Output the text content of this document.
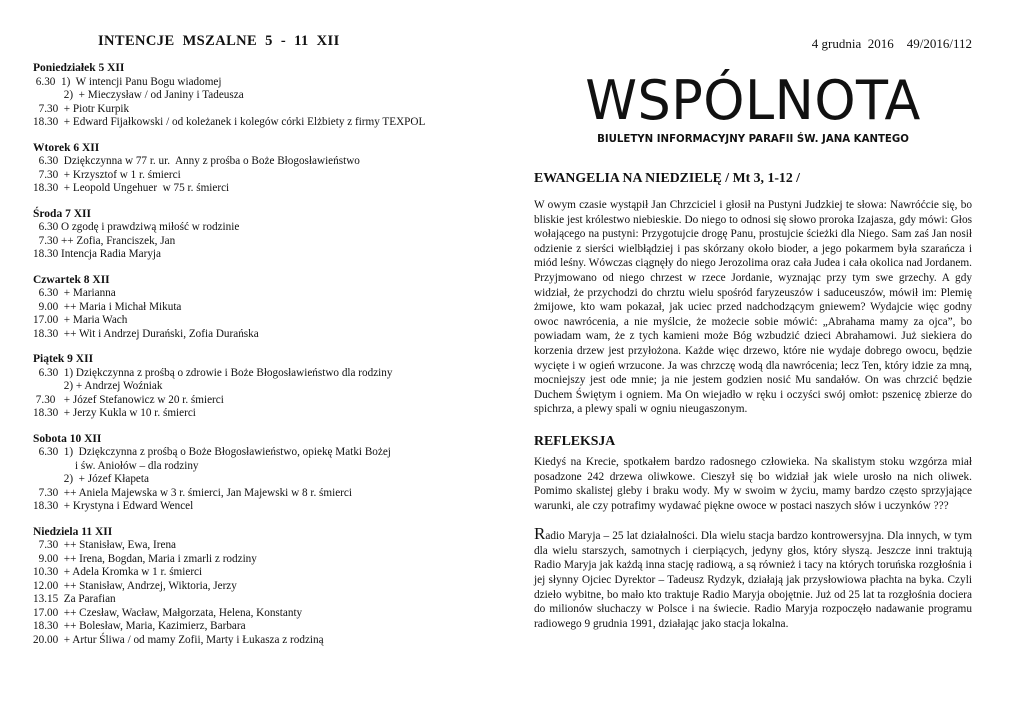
INTENCJE  MSZALNE  5  -  11  XII
Poniedziałek 5 XII
6.30  1)  W intencji Panu Bogu wiadomej
2)  + Mieczysław / od Janiny i Tadeusza
7.30  + Piotr Kurpik
18.30  + Edward Fijałkowski / od koleżanek i kolegów córki Elżbiety z firmy TEXPOL
Wtorek 6 XII
6.30  Dziękczynna w 77 r. ur.  Anny z prośba o Boże Błogosławieństwo
7.30  + Krzysztof w 1 r. śmierci
18.30  + Leopold Ungehuer  w 75 r. śmierci
Środa 7 XII
6.30 O zgodę i prawdziwą miłość w rodzinie
7.30 ++ Zofia, Franciszek, Jan
18.30 Intencja Radia Maryja
Czwartek 8 XII
6.30  + Marianna
9.00  ++ Maria i Michał Mikuta
17.00  + Maria Wach
18.30  ++ Wit i Andrzej Durański, Zofia Durańska
Piątek 9 XII
6.30  1) Dziękczynna z prośbą o zdrowie i Boże Błogosławieństwo dla rodziny
2) + Andrzej Woźniak
7.30   + Józef Stefanowicz w 20 r. śmierci
18.30  + Jerzy Kukla w 10 r. śmierci
Sobota 10 XII
6.30  1)  Dziękczynna z prośbą o Boże Błogosławieństwo, opiekę Matki Bożej
i św. Aniołów – dla rodziny
2)  + Józef Kłapeta
7.30  ++ Aniela Majewska w 3 r. śmierci, Jan Majewski w 8 r. śmierci
18.30  + Krystyna i Edward Wencel
Niedziela 11 XII
7.30  ++ Stanisław, Ewa, Irena
9.00  ++ Irena, Bogdan, Maria i zmarli z rodziny
10.30  + Adela Kromka w 1 r. śmierci
12.00  ++ Stanisław, Andrzej, Wiktoria, Jerzy
13.15  Za Parafian
17.00  ++ Czesław, Wacław, Małgorzata, Helena, Konstanty
18.30  ++ Bolesław, Maria, Kazimierz, Barbara
20.00  + Artur Śliwa / od mamy Zofii, Marty i Łukasza z rodziną
4 grudnia  2016    49/2016/112
WSPÓLNOTA
BIULETYN INFORMACYJNY PARAFII ŚW. JANA KANTEGO
EWANGELIA NA NIEDZIELĘ / Mt 3, 1-12 /

W owym czasie wystąpił Jan Chrzciciel i głosił na Pustyni Judzkiej te słowa: Nawróćcie się, bo bliskie jest królestwo niebieskie. Do niego to odnosi się słowo proroka Izajasza, gdy mówi: Głos wołającego na pustyni: Przygotujcie drogę Panu, prostujcie ścieżki dla Niego. Sam zaś Jan nosił odzienie z sierści wielbłądziej i pas skórzany około bioder, a jego pokarmem była szarańcza i miód leśny. Wówczas ciągnęły do niego Jerozolima oraz cała Judea i cała okolica nad Jordanem. Przyjmowano od niego chrzest w rzece Jordanie, wyznając przy tym swe grzechy. A gdy widział, że przychodzi do chrztu wielu spośród faryzeuszów i saduceuszów, mówił im: Plemię żmijowe, kto wam pokazał, jak uciec przed nadchodzącym gniewem? Wydajcie więc godny owoc nawrócenia, a nie myślcie, że możecie sobie mówić: „Abrahama mamy za ojca”, bo powiadam wam, że z tych kamieni może Bóg wzbudzić dzieci Abrahamowi. Już siekiera do korzenia drzew jest przyłożona. Każde więc drzewo, które nie wydaje dobrego owocu, będzie wycięte i w ogień wrzucone. Ja was chrzczę wodą dla nawrócenia; lecz Ten, który idzie za mną, mocniejszy jest ode mnie; ja nie jestem godzien nosić Mu sandałów. On was chrzcić będzie Duchem Świętym i ogniem. Ma On wiejadło w ręku i oczyści swój omłot: pszenicę zbierze do spichrza, a plewy spali w ogniu nieugaszonym.

REFLEKSJA

Kiedyś na Krecie, spotkałem bardzo radosnego człowieka. Na skalistym stoku wzgórza miał posadzone 242 drzewa oliwkowe. Cieszył się bo widział jak wiele urosło na nich oliwek. Pomimo skalistej gleby i braku wody. My w swoim w życiu, mamy bardzo często sprzyjające warunki, ale czy potrafimy wydawać piękne owoce w postaci naszych słów i uczynków ???

Radio Maryja – 25 lat działalności. Dla wielu stacja bardzo kontrowersyjna. Dla innych, w tym dla wielu starszych, samotnych i cierpiących, jedyny głos, który słyszą. Jeszcze inni traktują Radio Maryja jak każdą inna stację radiową, a są również i tacy na których toruńska rozgłośnia i jej słynny Ojciec Dyrektor – Tadeusz Rydzyk, działają jak przysłowiowa płachta na byka. Czyli dzieło wybitne, bo mało kto traktuje Radio Maryja obojętnie. Już od 25 lat ta rozgłośnia dociera do milionów słuchaczy w Polsce i na świecie. Radio Maryja rozpoczęło nadawanie programu radiowego 9 grudnia 1991, działając jako stacja lokalna.
